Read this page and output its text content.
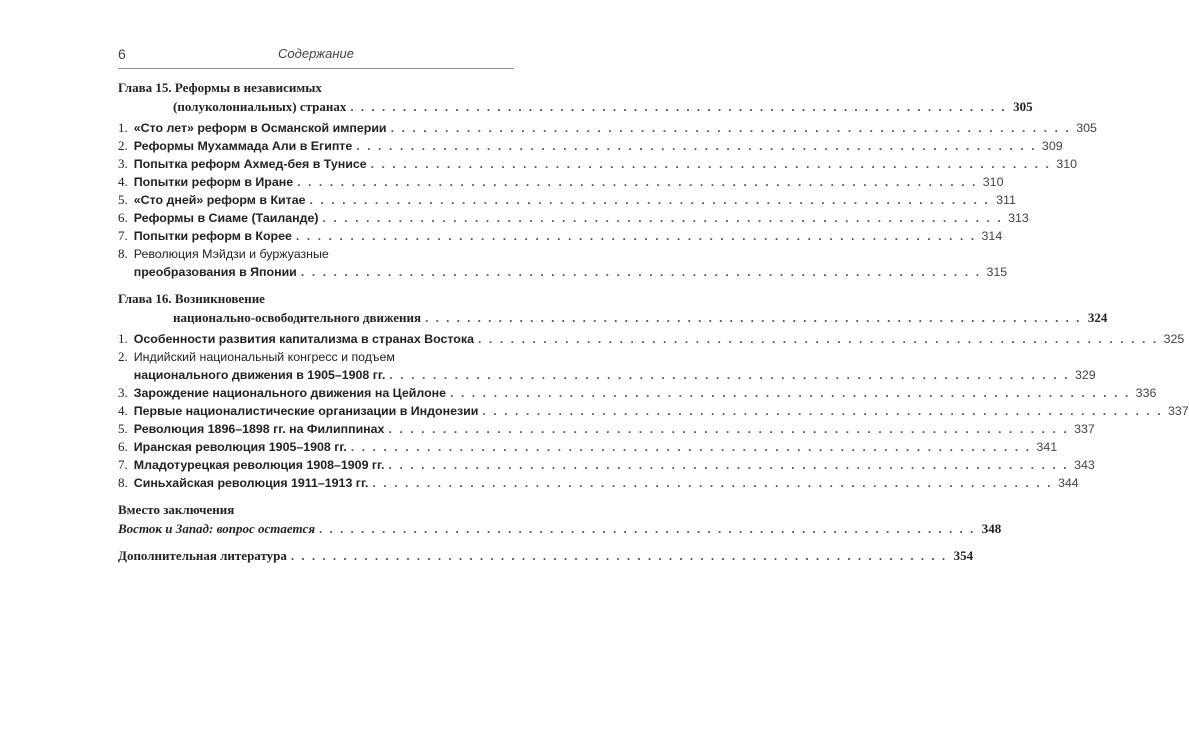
6	Содержание
Глава 15. Реформы в независимых
(полуколониальных) странах . . .	305
1. «Сто лет» реформ в Османской империи . . .	305
2. Реформы Мухаммада Али в Египте . . .	309
3. Попытка реформ Ахмед-бея в Тунисе . . .	310
4. Попытки реформ в Иране . . .	310
5. «Сто дней» реформ в Китае . . .	311
6. Реформы в Сиаме (Таиланде) . . .	313
7. Попытки реформ в Корее . . .	314
8. Революция Мэйдзи и буржуазные
преобразования в Японии . . .	315
Глава 16. Возникновение
национально-освободительного движения . . .	324
1. Особенности развития капитализма в странах Востока . . .	325
2. Индийский национальный конгресс и подъем
национального движения в 1905–1908 гг. . . .	329
3. Зарождение национального движения на Цейлоне . . .	336
4. Первые националистические организации в Индонезии . . .	337
5. Революция 1896–1898 гг. на Филиппинах . . .	337
6. Иранская революция 1905–1908 гг. . . .	341
7. Младотурецкая революция 1908–1909 гг. . . .	343
8. Синьхайская революция 1911–1913 гг. . . .	344
Вместо заключения
Восток и Запад: вопрос остается . . .	348
Дополнительная литература . . .	354
